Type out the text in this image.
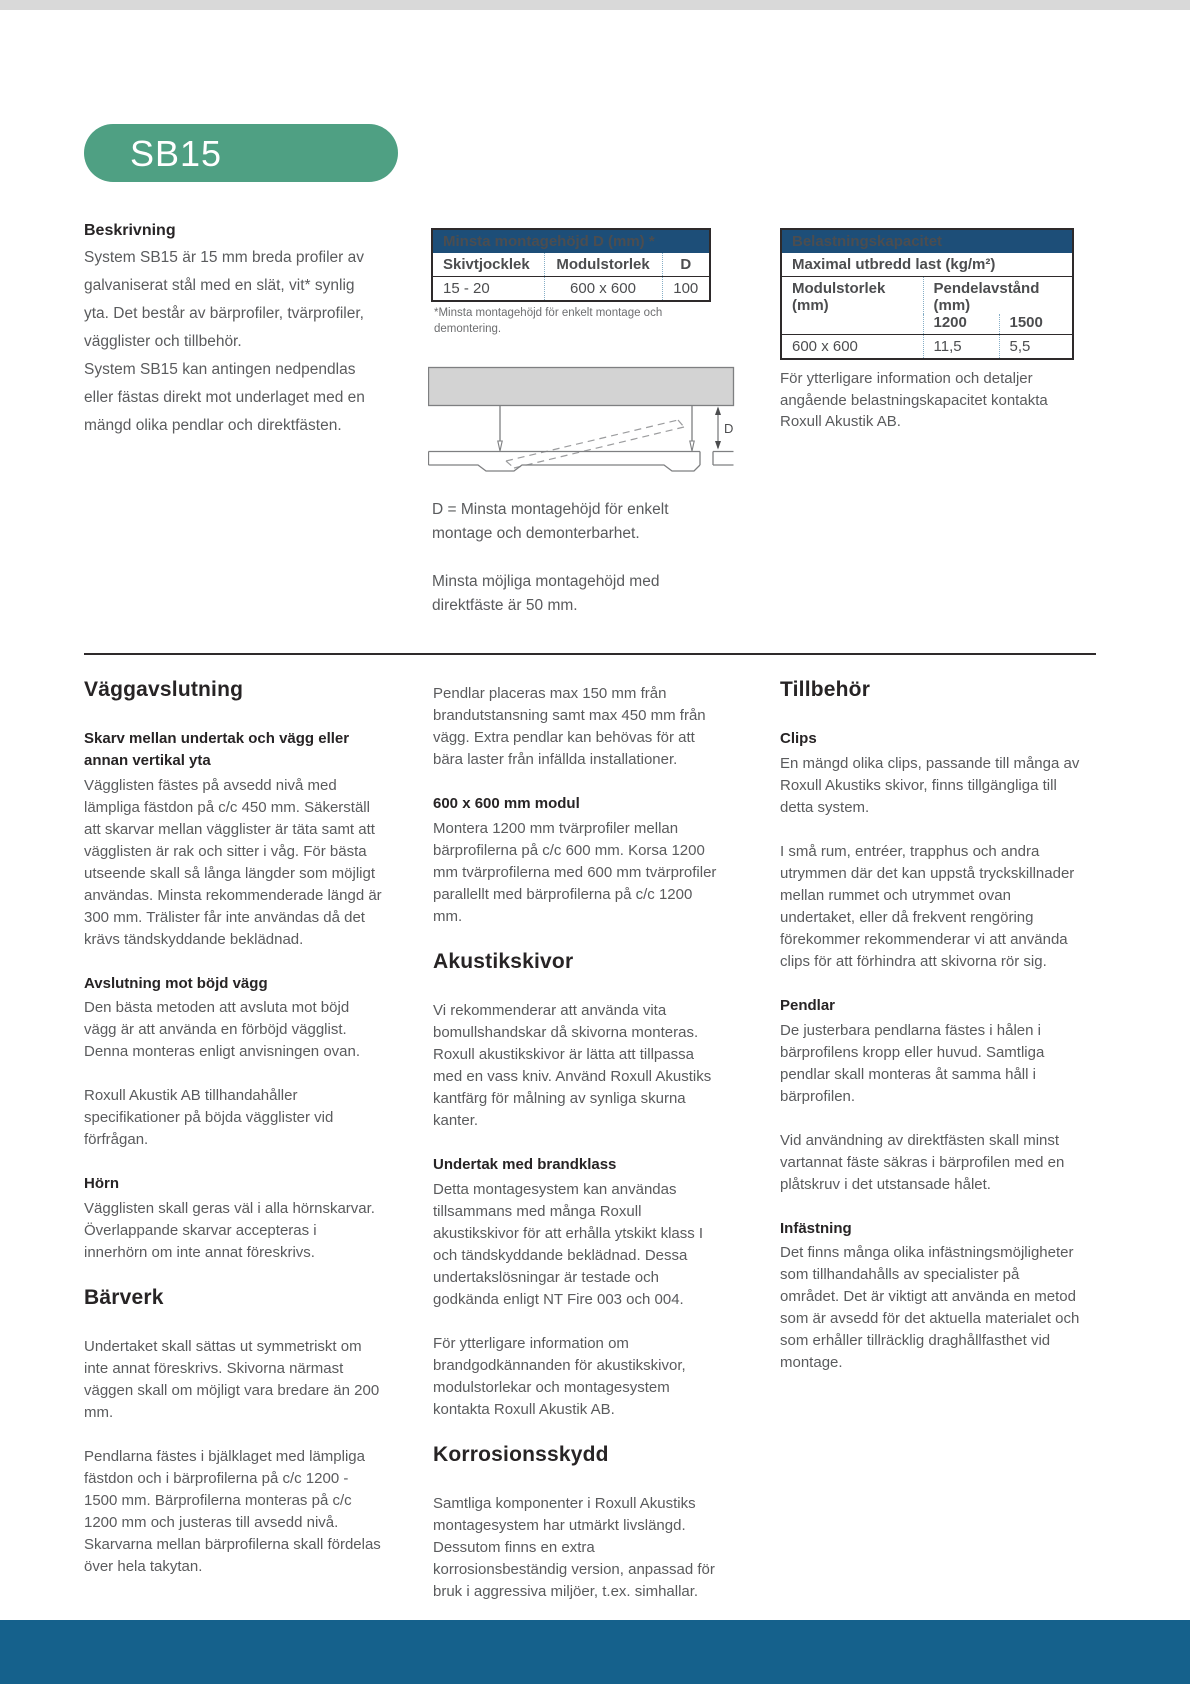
SB15
Beskrivning

System SB15 är 15 mm breda profiler av galvaniserat stål med en slät, vit* synlig yta. Det består av bärprofiler, tvärprofiler, vägglister och tillbehör.

System SB15 kan antingen nedpendlas eller fästas direkt mot underlaget med en mängd olika pendlar och direktfästen.

Minsta montagehöjd D (mm) *		
Skivtjocklek	Modulstorlek	D
15 - 20	600 x 600	100
*Minsta montagehöjd för enkelt montage och demontering.
Belastningskapacitet		
Maximal utbredd last (kg/m²)		
Modulstorlek (mm)	Pendelavstånd (mm)	
	1200	1500
600 x 600	11,5	5,5
För ytterligare information och detaljer angående belastningskapacitet kontakta Roxull Akustik AB.
D
D = Minsta montagehöjd för enkelt montage och demonterbarhet.
Minsta möjliga montagehöjd med direktfäste är 50 mm.
Väggavslutning
Skarv mellan undertak och vägg eller annan vertikal yta

Vägglisten fästes på avsedd nivå med lämpliga fästdon på c/c 450 mm. Säkerställ att skarvar mellan vägglister är täta samt att vägglisten är rak och sitter i våg. För bästa utseende skall så långa längder som möjligt användas. Minsta rekommenderade längd är 300 mm. Trälister får inte användas då det krävs tändskyddande beklädnad.

Avslutning mot böjd vägg

Den bästa metoden att avsluta mot böjd vägg är att använda en förböjd vägglist. Denna monteras enligt anvisningen ovan.

Roxull Akustik AB tillhandahåller specifikationer på böjda vägglister vid förfrågan.

Hörn

Vägglisten skall geras väl i alla hörnskarvar. Överlappande skarvar accepteras i innerhörn om inte annat föreskrivs.

Bärverk

Undertaket skall sättas ut symmetriskt om inte annat föreskrivs. Skivorna närmast väggen skall om möjligt vara bredare än 200 mm.

Pendlarna fästes i bjälklaget med lämpliga fästdon och i bärprofilerna på c/c 1200 - 1500 mm. Bärprofilerna monteras på c/c 1200 mm och justeras till avsedd nivå. Skarvarna mellan bärprofilerna skall fördelas över hela takytan.

Pendlar placeras max 150 mm från brandutstansning samt max 450 mm från vägg. Extra pendlar kan behövas för att bära laster från infällda installationer.

600 x 600 mm modul

Montera 1200 mm tvärprofiler mellan bärprofilerna på c/c 600 mm. Korsa 1200 mm tvärprofilerna med 600 mm tvärprofiler parallellt med bärprofilerna på c/c 1200 mm.

Akustikskivor

Vi rekommenderar att använda vita bomullshandskar då skivorna monteras. Roxull akustikskivor är lätta att tillpassa med en vass kniv. Använd Roxull Akustiks kantfärg för målning av synliga skurna kanter.

Undertak med brandklass

Detta montagesystem kan användas tillsammans med många Roxull akustikskivor för att erhålla ytskikt klass I och tändskyddande beklädnad. Dessa undertakslösningar är testade och godkända enligt NT Fire 003 och 004.

För ytterligare information om brandgodkännanden för akustikskivor, modulstorlekar och montagesystem kontakta Roxull Akustik AB.

Korrosionsskydd

Samtliga komponenter i Roxull Akustiks montagesystem har utmärkt livslängd. Dessutom finns en extra korrosionsbeständig version, anpassad för bruk i aggressiva miljöer, t.ex. simhallar.

Tillbehör
Clips

En mängd olika clips, passande till många av Roxull Akustiks skivor, finns tillgängliga till detta system.

I små rum, entréer, trapphus och andra utrymmen där det kan uppstå tryckskillnader mellan rummet och utrymmet ovan undertaket, eller då frekvent rengöring förekommer rekommenderar vi att använda clips för att förhindra att skivorna rör sig.

Pendlar

De justerbara pendlarna fästes i hålen i bärprofilens kropp eller huvud. Samtliga pendlar skall monteras åt samma håll i bärprofilen.

Vid användning av direktfästen skall minst vartannat fäste säkras i bärprofilen med en plåtskruv i det utstansade hålet.

Infästning

Det finns många olika infästningsmöjligheter som tillhandahålls av specialister på området. Det är viktigt att använda en metod som är avsedd för det aktuella materialet och som erhåller tillräcklig draghållfasthet vid montage.
